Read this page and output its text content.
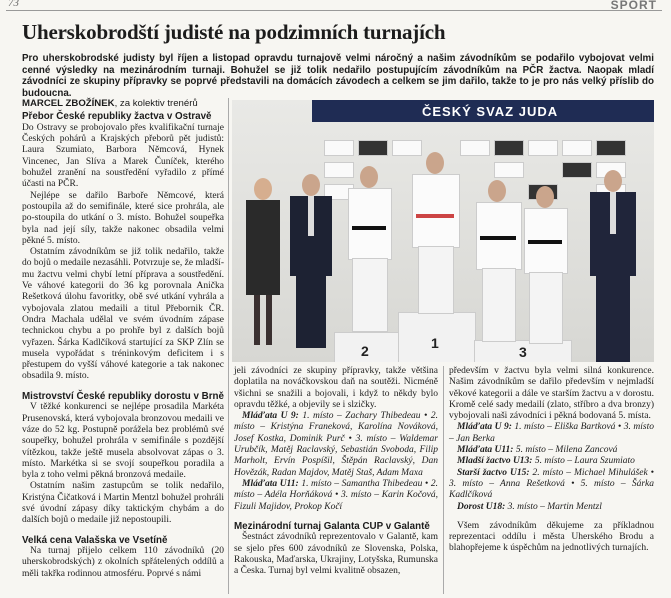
73	SPORT
Uherskobrodští judisté na podzimních turnajích

Pro uherskobrodské judisty byl říjen a listopad opravdu turnajově velmi náročný a našim závodníkům se podařilo vybojovat velmi cenné výsledky na mezinárodním turnaji. Bohužel se již tolik nedařilo postupujícím závodníkům na PČR žactva. Naopak mladí závodníci ze skupiny přípravky se poprvé představili na domácích závodech a celkem se jim dařilo, takže to je pro nás velký příslib do budoucna.

MARCEL ZBOŽÍNEK, za kolektiv trenérů
Přebor České republiky žactva v Ostravě

Do Ostravy se probojovalo přes kvalifikační turnaje Českých pohárů a Krajských přeborů pět judistů: Laura Szumiato, Barbora Němcová, Hynek Vincenec, Jan Slíva a Marek Čuníček, kterého bohužel zranění na soustředění vyřadilo z přímé účasti na PČR.

Nejlépe se dařilo Barboře Němcové, která postoupila až do semifinále, které sice prohrála, ale po-stoupila do utkání o 3. místo. Bohužel soupeřka byla nad její síly, takže nakonec obsadila velmi pěkné 5. místo.

Ostatním závodníkům se již tolik nedařilo, takže do bojů o medaile nezasáhli. Potvrzuje se, že mladší-mu žactvu velmi chybí letní příprava a soustředění. Ve váhové kategorii do 36 kg porovnala Anička Rešetková úlohu favoritky, obě své utkání vyhrála a vybojovala zlatou medaili a titul Přebornik ČR. Ondra Machala udělal ve svém úvodním zápase technickou chybu a po prohře byl z dalších bojů vyřazen. Šárka Kadlčíková startující za SKP Zlín se musela vypořádat s tréninkovým deficitem i s přestupem do vyšší váhové kategorie a tak nakonec obsadila 9. místo.

Mistrovství České republiky dorostu v Brně

V těžké konkurenci se nejlépe prosadila Markéta Prusenovská, která vybojovala bronzovou medaili ve váze do 52 kg. Postupně porážela bez problémů své soupeřky, bohužel prohrála v semifinále s pozdější vítězkou, takže ještě musela absolvovat zápas o 3. místo. Markétka si se svojí soupeřkou poradila a byla z toho velmi pěkná bronzová medaile.

Ostatním našim zastupcům se tolik nedařilo, Kristýna Čičatková i Martin Mentzl bohužel prohráli své úvodní zápasy díky taktickým chybám a do dalších bojů o medaile již nepostoupili.

Velká cena Valašska ve Vsetíně

Na turnaj přijelo celkem 110 závodníků (20 uherskobrodských) z okolních spřátelených oddílů a měli takřka rodinnou atmosféru. Poprvé s námi

ČESKÝ SVAZ JUDA
2	1
3

jeli závodníci ze skupiny přípravky, takže většina doplatila na nováčkovskou daň na soutěži. Nicméně všichni se snažili a bojovali, i když to někdy bylo opravdu těžké, a objevily se i slzičky.

Mláďata U 9: 1. místo – Zachary Thibedeau • 2. místo – Kristýna Franeková, Karolína Nováková, Josef Kostka, Dominik Purč • 3. místo – Waldemar Urubčík, Matěj Raclavský, Sebastián Svoboda, Filip Marholt, Ervín Pospíšil, Štěpán Raclavský, Dan Hovězák, Radan Majdov, Matěj Staš, Adam Maxa

Mláďata U11: 1. místo – Samantha Thibedeau • 2. místo – Adéla Horňáková • 3. místo – Karin Kočová, Fizuli Majidov, Prokop Kočí

Mezinárodní turnaj Galanta CUP v Galantě

Šestnáct závodníků reprezentovalo v Galantě, kam se sjelo přes 600 závodníků ze Slovenska, Polska, Rakouska, Maďarska, Ukrajiny, Lotyšska, Rumunska a Česka. Turnaj byl velmi kvalitně obsazen,

především v žactvu byla velmi silná konkurence. Našim závodníkům se dařilo především v nejmladší věkové kategorii a dále ve starším žactvu a v dorostu. Kromě celé sady medailí (zlato, stříbro a dva bronzy) vybojovali naši závodníci i pěkná bodovaná 5. místa.

Mláďata U 9: 1. místo – Eliška Bartková • 3. místo – Jan Berka

Mláďata U11: 5. místo – Milena Zancová

Mladší žactvo U13: 5. místo – Laura Szumiato

Starší žactvo U15: 2. místo – Michael Mihulášek • 3. místo – Anna Rešetková • 5. místo – Šárka Kadlčíková

Dorost U18: 3. místo – Martin Mentzl

Všem závodníkům děkujeme za příkladnou reprezentaci oddílu i města Uherského Brodu a blahopřejeme k úspěchům na jednotlivých turnajích.
